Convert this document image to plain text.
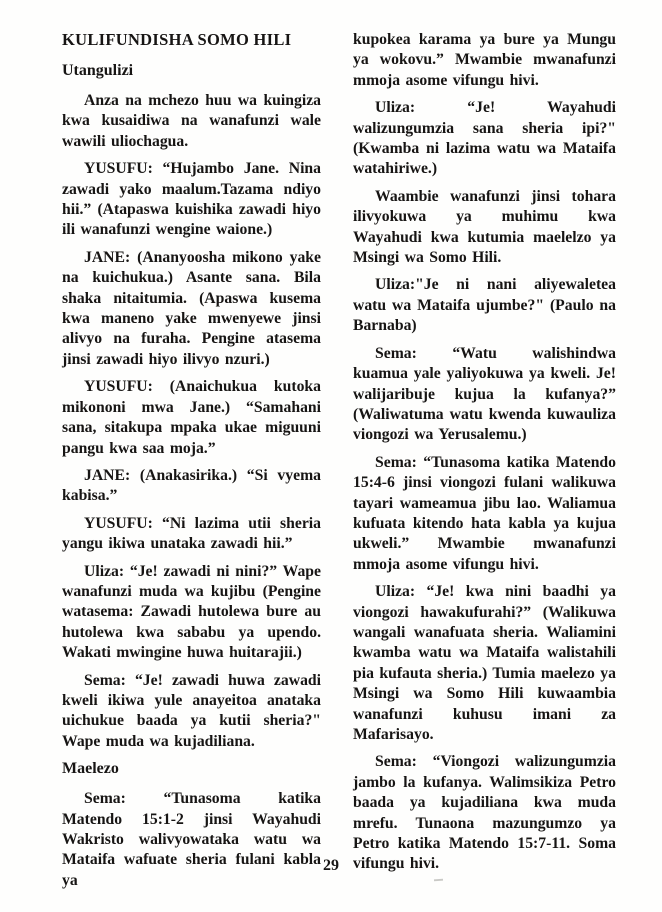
KULIFUNDISHA SOMO HILI
Utangulizi

Anza na mchezo huu wa kuingiza kwa kusaidiwa na wanafunzi wale wawili uliochagua.

YUSUFU: “Hujambo Jane. Nina zawadi yako maalum.Tazama ndiyo hii.” (Atapaswa kuishika zawadi hiyo ili wanafunzi wengine waione.)

JANE: (Ananyoosha mikono yake na kuichukua.) Asante sana. Bila shaka nitaitumia. (Apaswa kusema kwa maneno yake mwenyewe jinsi alivyo na furaha. Pengine atasema jinsi zawadi hiyo ilivyo nzuri.)

YUSUFU: (Anaichukua kutoka mikononi mwa Jane.) “Samahani sana, sitakupa mpaka ukae miguuni pangu kwa saa moja.”

JANE: (Anakasirika.) “Si vyema kabisa.”

YUSUFU: “Ni lazima utii sheria yangu ikiwa unataka zawadi hii.”

Uliza: “Je! zawadi ni nini?” Wape wanafunzi muda wa kujibu (Pengine watasema: Zawadi hutolewa bure au hutolewa kwa sababu ya upendo. Wakati mwingine huwa huitarajii.)

Sema: “Je! zawadi huwa zawadi kweli ikiwa yule anayeitoa anataka uichukue baada ya kutii sheria?" Wape muda wa kujadiliana.

Maelezo

Sema: “Tunasoma katika Matendo 15:1-2 jinsi Wayahudi Wakristo walivyowataka watu wa Mataifa wafuate sheria fulani kabla ya

kupokea karama ya bure ya Mungu ya wokovu.” Mwambie mwanafunzi mmoja asome vifungu hivi.

Uliza: “Je! Wayahudi walizungumzia sana sheria ipi?" (Kwamba ni lazima watu wa Mataifa watahiriwe.)

Waambie wanafunzi jinsi tohara ilivyokuwa ya muhimu kwa Wayahudi kwa kutumia maelelzo ya Msingi wa Somo Hili.

Uliza:"Je ni nani aliyewaletea watu wa Mataifa ujumbe?" (Paulo na Barnaba)

Sema: “Watu walishindwa kuamua yale yaliyokuwa ya kweli. Je! walijaribuje kujua la kufanya?” (Waliwatuma watu kwenda kuwauliza viongozi wa Yerusalemu.)

Sema: “Tunasoma katika Matendo 15:4-6 jinsi viongozi fulani walikuwa tayari wameamua jibu lao. Waliamua kufuata kitendo hata kabla ya kujua ukweli.” Mwambie mwanafunzi mmoja asome vifungu hivi.

Uliza: “Je! kwa nini baadhi ya viongozi hawakufurahi?” (Walikuwa wangali wanafuata sheria. Waliamini kwamba watu wa Mataifa walistahili pia kufauta sheria.) Tumia maelezo ya Msingi wa Somo Hili kuwaambia wanafunzi kuhusu imani za Mafarisayo.

Sema: “Viongozi walizungumzia jambo la kufanya. Walimsikiza Petro baada ya kujadiliana kwa muda mrefu. Tunaona mazungumzo ya Petro katika Matendo 15:7-11. Soma vifungu hivi.

29
